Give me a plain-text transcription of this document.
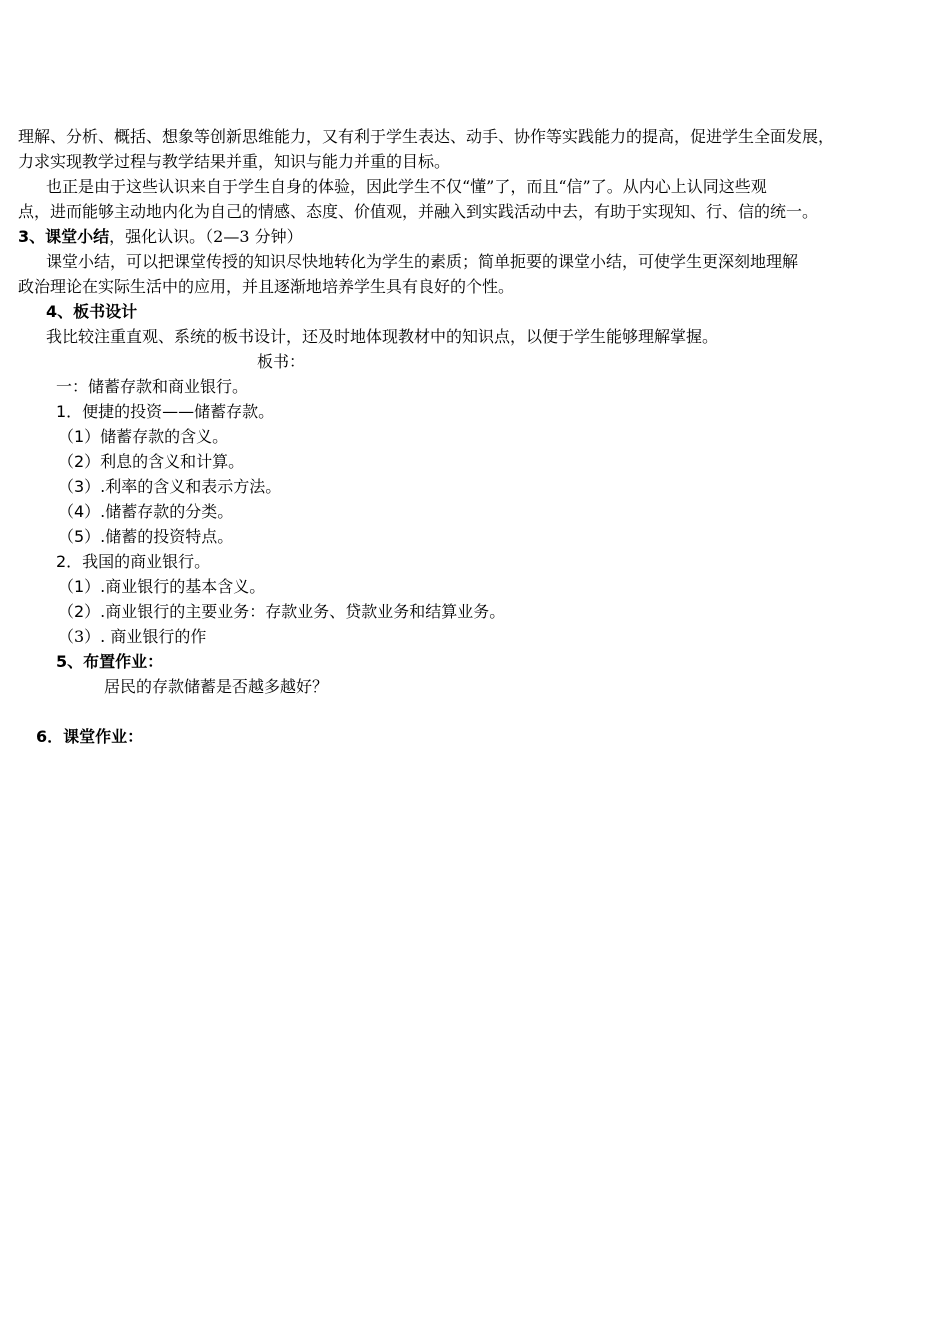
理解、分析、概括、想象等创新思维能力，又有利于学生表达、动手、协作等实践能力的提高，促进学生全面发展，
力求实现教学过程与教学结果并重，知识与能力并重的目标。
也正是由于这些认识来自于学生自身的体验，因此学生不仅“懂”了，而且“信”了。从内心上认同这些观
点，进而能够主动地内化为自己的情感、态度、价值观，并融入到实践活动中去，有助于实现知、行、信的统一。
3、课堂小结，强化认识。（2—3 分钟）
课堂小结，可以把课堂传授的知识尽快地转化为学生的素质；简单扼要的课堂小结，可使学生更深刻地理解
政治理论在实际生活中的应用，并且逐渐地培养学生具有良好的个性。
4、板书设计
我比较注重直观、系统的板书设计，还及时地体现教材中的知识点，以便于学生能够理解掌握。
板书：
一：储蓄存款和商业银行。
1．便捷的投资——储蓄存款。
（1）储蓄存款的含义。
（2）利息的含义和计算。
（3）.利率的含义和表示方法。
（4）.储蓄存款的分类。
（5）.储蓄的投资特点。
2．我国的商业银行。
（1）.商业银行的基本含义。
（2）.商业银行的主要业务：存款业务、贷款业务和结算业务。
（3）. 商业银行的作
5、布置作业：
居民的存款储蓄是否越多越好？
6．课堂作业：
